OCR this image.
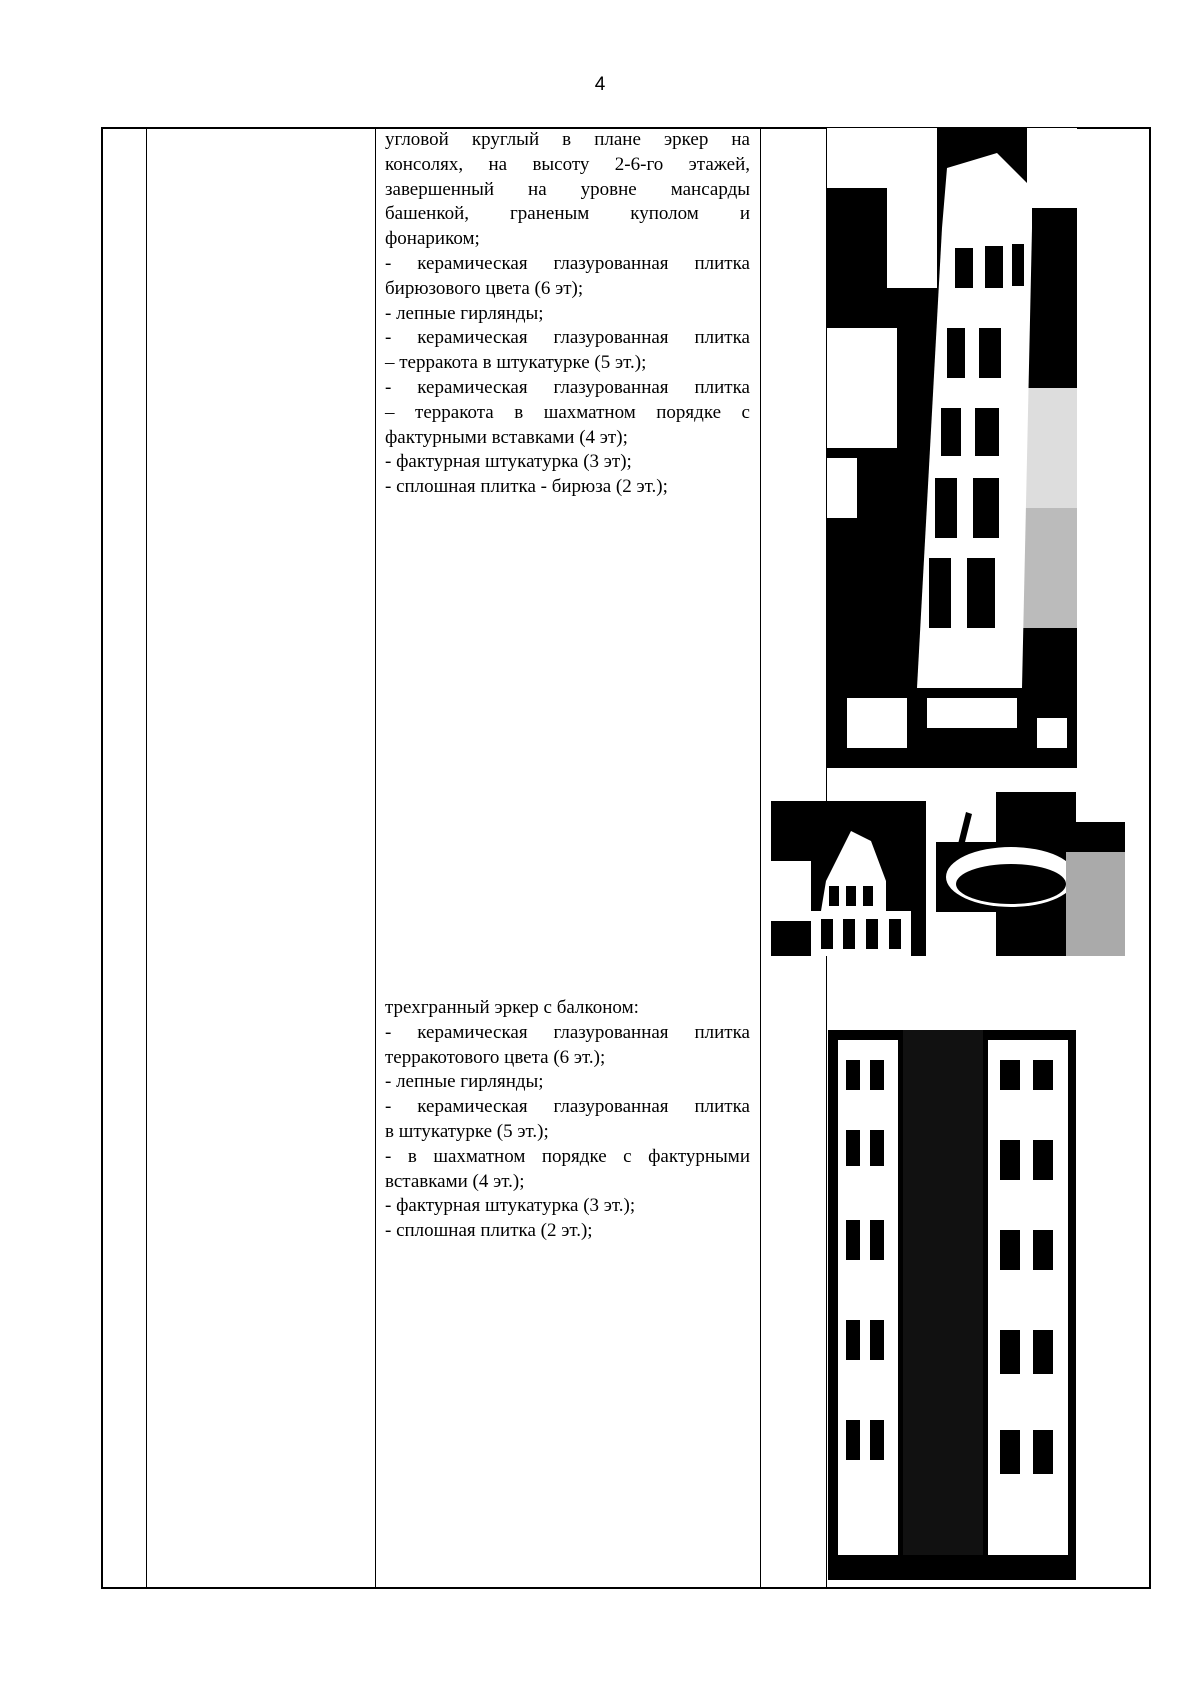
4
угловой круглый в плане эркер на
консолях, на высоту 2-6-го этажей,
завершенный на уровне мансарды
башенкой, граненым куполом и
фонариком;
- керамическая глазурованная плитка
бирюзового цвета (6 эт);
- лепные гирлянды;
- керамическая глазурованная плитка
– терракота в штукатурке (5 эт.);
- керамическая глазурованная плитка
– терракота в шахматном порядке с
фактурными вставками (4 эт);
- фактурная штукатурка (3 эт);
- сплошная плитка - бирюза (2 эт.);
трехгранный эркер с балконом:
- керамическая глазурованная плитка
терракотового цвета (6 эт.);
- лепные гирлянды;
- керамическая глазурованная плитка
в штукатурке (5 эт.);
- в шахматном порядке с фактурными
вставками (4 эт.);
- фактурная штукатурка (3 эт.);
- сплошная плитка (2 эт.);
